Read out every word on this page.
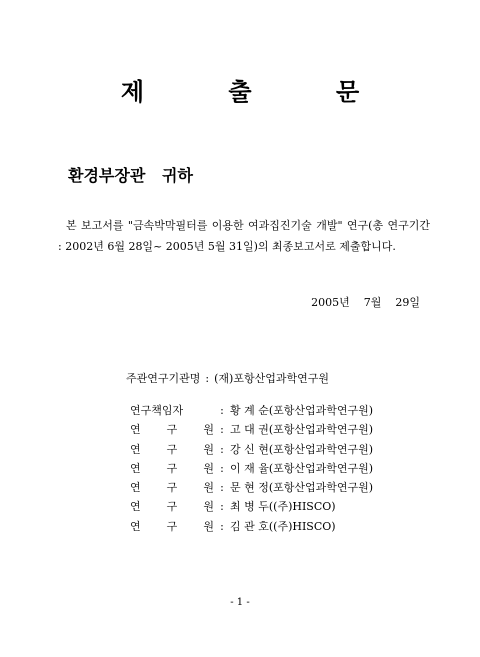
제 출 문
환경부장관   귀하
본 보고서를 "금속박막필터를 이용한 여과집진기술 개발" 연구(총 연구기간 : 2002년 6월 28일~ 2005년 5월 31일)의 최종보고서로 제출합니다.
2005년    7월    29일
주관연구기관명 : (재)포항산업과학연구원
연구책임자	: 황 계 순(포항산업과학연구원)
연 구 원 : 고 대 권(포항산업과학연구원)
연 구 원 : 강 신 현(포항산업과학연구원)
연 구 원 : 이 재 율(포항산업과학연구원)
연 구 원 : 문 현 정(포항산업과학연구원)
연 구 원 : 최 병 두((주)HISCO)
연 구 원 : 김 관 호((주)HISCO)
- 1 -
